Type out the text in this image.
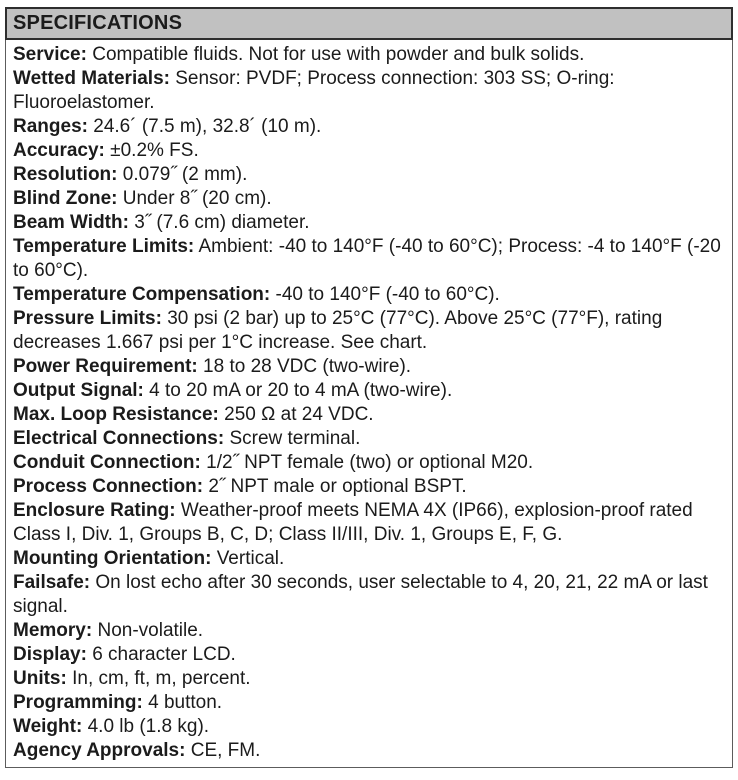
SPECIFICATIONS

Service: Compatible fluids. Not for use with powder and bulk solids.

Wetted Materials: Sensor: PVDF; Process connection: 303 SS; O-ring: Fluoroelastomer.

Ranges: 24.6´ (7.5 m), 32.8´ (10 m).

Accuracy: ±0.2% FS.

Resolution: 0.079˝ (2 mm).

Blind Zone: Under 8˝ (20 cm).

Beam Width: 3˝ (7.6 cm) diameter.

Temperature Limits: Ambient: -40 to 140°F (-40 to 60°C); Process: -4 to 140°F (-20 to 60°C).

Temperature Compensation: -40 to 140°F (-40 to 60°C).

Pressure Limits: 30 psi (2 bar) up to 25°C (77°C). Above 25°C (77°F), rating decreases 1.667 psi per 1°C increase. See chart.

Power Requirement: 18 to 28 VDC (two-wire).

Output Signal: 4 to 20 mA or 20 to 4 mA (two-wire).

Max. Loop Resistance: 250 Ω at 24 VDC.

Electrical Connections: Screw terminal.

Conduit Connection: 1/2˝ NPT female (two) or optional M20.

Process Connection: 2˝ NPT male or optional BSPT.

Enclosure Rating: Weather-proof meets NEMA 4X (IP66), explosion-proof rated Class I, Div. 1, Groups B, C, D; Class II/III, Div. 1, Groups E, F, G.

Mounting Orientation: Vertical.

Failsafe: On lost echo after 30 seconds, user selectable to 4, 20, 21, 22 mA or last signal.

Memory: Non-volatile.

Display: 6 character LCD.

Units: In, cm, ft, m, percent.

Programming: 4 button.

Weight: 4.0 lb (1.8 kg).

Agency Approvals: CE, FM.
